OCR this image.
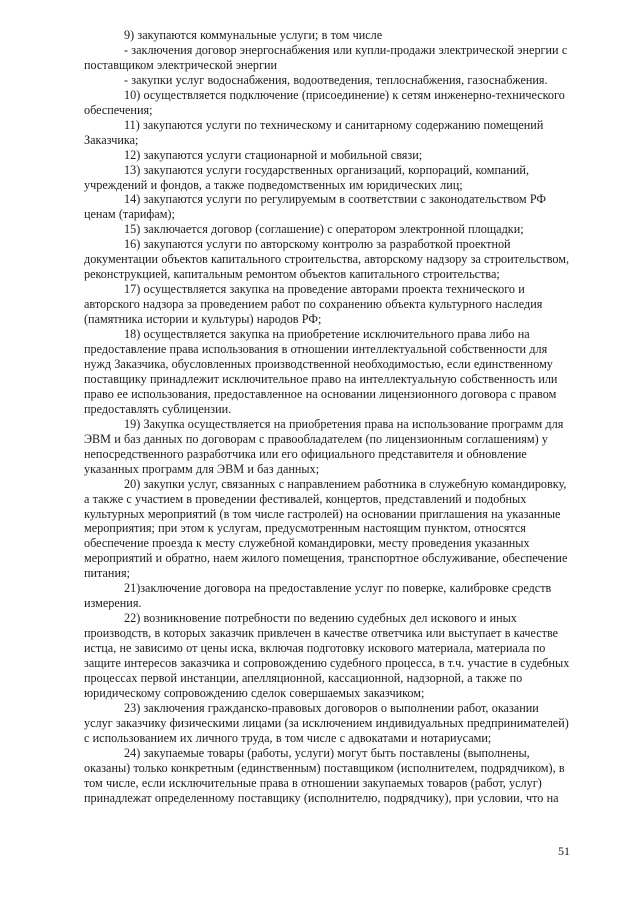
9) закупаются коммунальные услуги; в том числе

- заключения договор энергоснабжения или купли-продажи электрической энергии с поставщиком электрической энергии

- закупки услуг водоснабжения, водоотведения, теплоснабжения, газоснабжения.

10) осуществляется подключение (присоединение) к сетям инженерно-технического обеспечения;

11) закупаются услуги по техническому и санитарному содержанию помещений Заказчика;

12) закупаются услуги стационарной и мобильной связи;

13) закупаются услуги государственных организаций, корпораций, компаний, учреждений и фондов, а также подведомственных им юридических лиц;

14) закупаются услуги по регулируемым в соответствии с законодательством РФ ценам (тарифам);

15) заключается договор (соглашение) с оператором электронной площадки;

16) закупаются услуги по авторскому контролю за разработкой проектной документации объектов капитального строительства, авторскому надзору за строительством, реконструкцией, капитальным ремонтом объектов капитального строительства;

17) осуществляется закупка на проведение авторами проекта технического и авторского надзора за проведением работ по сохранению объекта культурного наследия (памятника истории и культуры) народов РФ;

18) осуществляется закупка на приобретение исключительного права либо на предоставление права использования в отношении интеллектуальной собственности для нужд Заказчика, обусловленных производственной необходимостью, если единственному поставщику принадлежит исключительное право на интеллектуальную собственность или право ее использования, предоставленное на основании лицензионного договора с правом предоставлять сублицензии.

19) Закупка осуществляется на приобретения права на использование программ для ЭВМ и баз данных по договорам с правообладателем (по лицензионным соглашениям) у непосредственного разработчика или его официального представителя и обновление указанных программ для ЭВМ и баз данных;

20) закупки услуг, связанных с направлением работника в служебную командировку, а также с участием в проведении фестивалей, концертов, представлений и подобных культурных мероприятий (в том числе гастролей) на основании приглашения на указанные мероприятия; при этом к услугам, предусмотренным настоящим пунктом, относятся обеспечение проезда к месту служебной командировки, месту проведения указанных мероприятий и обратно, наем жилого помещения, транспортное обслуживание, обеспечение питания;

21)заключение договора на предоставление услуг по поверке, калибровке средств измерения.

22) возникновение потребности по ведению судебных дел искового и иных производств, в которых заказчик привлечен в качестве ответчика или выступает в качестве истца, не зависимо от цены иска, включая подготовку искового материала, материала по защите интересов заказчика и сопровождению судебного процесса, в т.ч. участие в судебных процессах первой инстанции, апелляционной, кассационной, надзорной, а также по юридическому сопровождению сделок совершаемых заказчиком;

23) заключения гражданско-правовых договоров о выполнении работ, оказании услуг заказчику физическими лицами (за исключением индивидуальных предпринимателей) с использованием их личного труда, в том числе с адвокатами и нотариусами;

24) закупаемые товары (работы, услуги) могут быть поставлены (выполнены, оказаны) только конкретным (единственным) поставщиком (исполнителем, подрядчиком), в том числе, если исключительные права в отношении закупаемых товаров (работ, услуг) принадлежат определенному поставщику (исполнителю, подрядчику), при условии, что на

51
